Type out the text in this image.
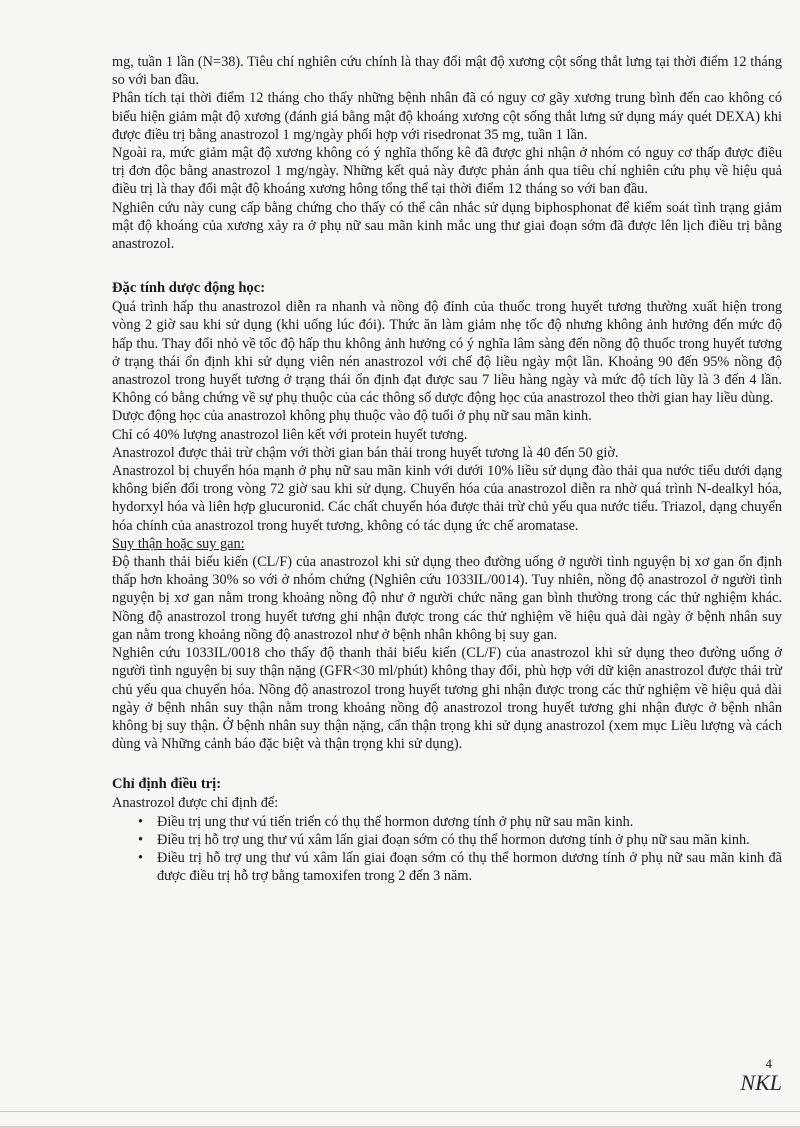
mg, tuần 1 lần (N=38). Tiêu chí nghiên cứu chính là thay đổi mật độ xương cột sống thắt lưng tại thời điểm 12 tháng so với ban đầu.

Phân tích tại thời điểm 12 tháng cho thấy những bệnh nhân đã có nguy cơ gãy xương trung bình đến cao không có biểu hiện giảm mật độ xương (đánh giá bằng mật độ khoáng xương cột sống thắt lưng sử dụng máy quét DEXA) khi được điều trị bằng anastrozol 1 mg/ngày phối hợp với risedronat 35 mg, tuần 1 lần.

Ngoài ra, mức giảm mật độ xương không có ý nghĩa thống kê đã được ghi nhận ở nhóm có nguy cơ thấp được điều trị đơn độc bằng anastrozol 1 mg/ngày. Những kết quả này được phản ánh qua tiêu chí nghiên cứu phụ về hiệu quả điều trị là thay đổi mật độ khoáng xương hông tổng thể tại thời điểm 12 tháng so với ban đầu.

Nghiên cứu này cung cấp bằng chứng cho thấy có thể cân nhắc sử dụng biphosphonat để kiểm soát tình trạng giảm mật độ khoáng của xương xảy ra ở phụ nữ sau mãn kinh mắc ung thư giai đoạn sớm đã được lên lịch điều trị bằng anastrozol.

Đặc tính dược động học:

Quá trình hấp thu anastrozol diễn ra nhanh và nồng độ đỉnh của thuốc trong huyết tương thường xuất hiện trong vòng 2 giờ sau khi sử dụng (khi uống lúc đói). Thức ăn làm giảm nhẹ tốc độ nhưng không ảnh hưởng đến mức độ hấp thu. Thay đổi nhỏ về tốc độ hấp thu không ảnh hưởng có ý nghĩa lâm sàng đến nồng độ thuốc trong huyết tương ở trạng thái ổn định khi sử dụng viên nén anastrozol với chế độ liều ngày một lần. Khoảng 90 đến 95% nồng độ anastrozol trong huyết tương ở trạng thái ổn định đạt được sau 7 liều hàng ngày và mức độ tích lũy là 3 đến 4 lần. Không có bằng chứng về sự phụ thuộc của các thông số dược động học của anastrozol theo thời gian hay liều dùng.

Dược động học của anastrozol không phụ thuộc vào độ tuổi ở phụ nữ sau mãn kinh.

Chỉ có 40% lượng anastrozol liên kết với protein huyết tương.

Anastrozol được thải trừ chậm với thời gian bán thải trong huyết tương là 40 đến 50 giờ.

Anastrozol bị chuyển hóa mạnh ở phụ nữ sau mãn kinh với dưới 10% liều sử dụng đào thải qua nước tiểu dưới dạng không biến đổi trong vòng 72 giờ sau khi sử dụng. Chuyển hóa của anastrozol diễn ra nhờ quá trình N-dealkyl hóa, hydorxyl hóa và liên hợp glucuronid. Các chất chuyển hóa được thải trừ chủ yếu qua nước tiểu. Triazol, dạng chuyển hóa chính của anastrozol trong huyết tương, không có tác dụng ức chế aromatase.

Suy thận hoặc suy gan:

Độ thanh thải biểu kiến (CL/F) của anastrozol khi sử dụng theo đường uống ở người tình nguyện bị xơ gan ổn định thấp hơn khoảng 30% so với ở nhóm chứng (Nghiên cứu 1033IL/0014). Tuy nhiên, nồng độ anastrozol ở người tình nguyện bị xơ gan nằm trong khoảng nồng độ như ở người chức năng gan bình thường trong các thử nghiệm khác. Nồng độ anastrozol trong huyết tương ghi nhận được trong các thử nghiệm về hiệu quả dài ngày ở bệnh nhân suy gan nằm trong khoảng nồng độ anastrozol như ở bệnh nhân không bị suy gan.

Nghiên cứu 1033IL/0018 cho thấy độ thanh thải biểu kiến (CL/F) của anastrozol khi sử dụng theo đường uống ở người tình nguyện bị suy thận nặng (GFR<30 ml/phút) không thay đổi, phù hợp với dữ kiện anastrozol được thải trừ chủ yếu qua chuyển hóa. Nồng độ anastrozol trong huyết tương ghi nhận được trong các thử nghiệm về hiệu quả dài ngày ở bệnh nhân suy thận nằm trong khoảng nồng độ anastrozol trong huyết tương ghi nhận được ở bệnh nhân không bị suy thận. Ở bệnh nhân suy thận nặng, cẩn thận trọng khi sử dụng anastrozol (xem mục Liều lượng và cách dùng và Những cảnh báo đặc biệt và thận trọng khi sử dụng).

Chỉ định điều trị:

Anastrozol được chỉ định để:

• Điều trị ung thư vú tiến triển có thụ thể hormon dương tính ở phụ nữ sau mãn kinh.
• Điều trị hỗ trợ ung thư vú xâm lấn giai đoạn sớm có thụ thể hormon dương tính ở phụ nữ sau mãn kinh.
• Điều trị hỗ trợ ung thư vú xâm lấn giai đoạn sớm có thụ thể hormon dương tính ở phụ nữ sau mãn kinh đã được điều trị hỗ trợ bằng tamoxifen trong 2 đến 3 năm.
4
NKL
